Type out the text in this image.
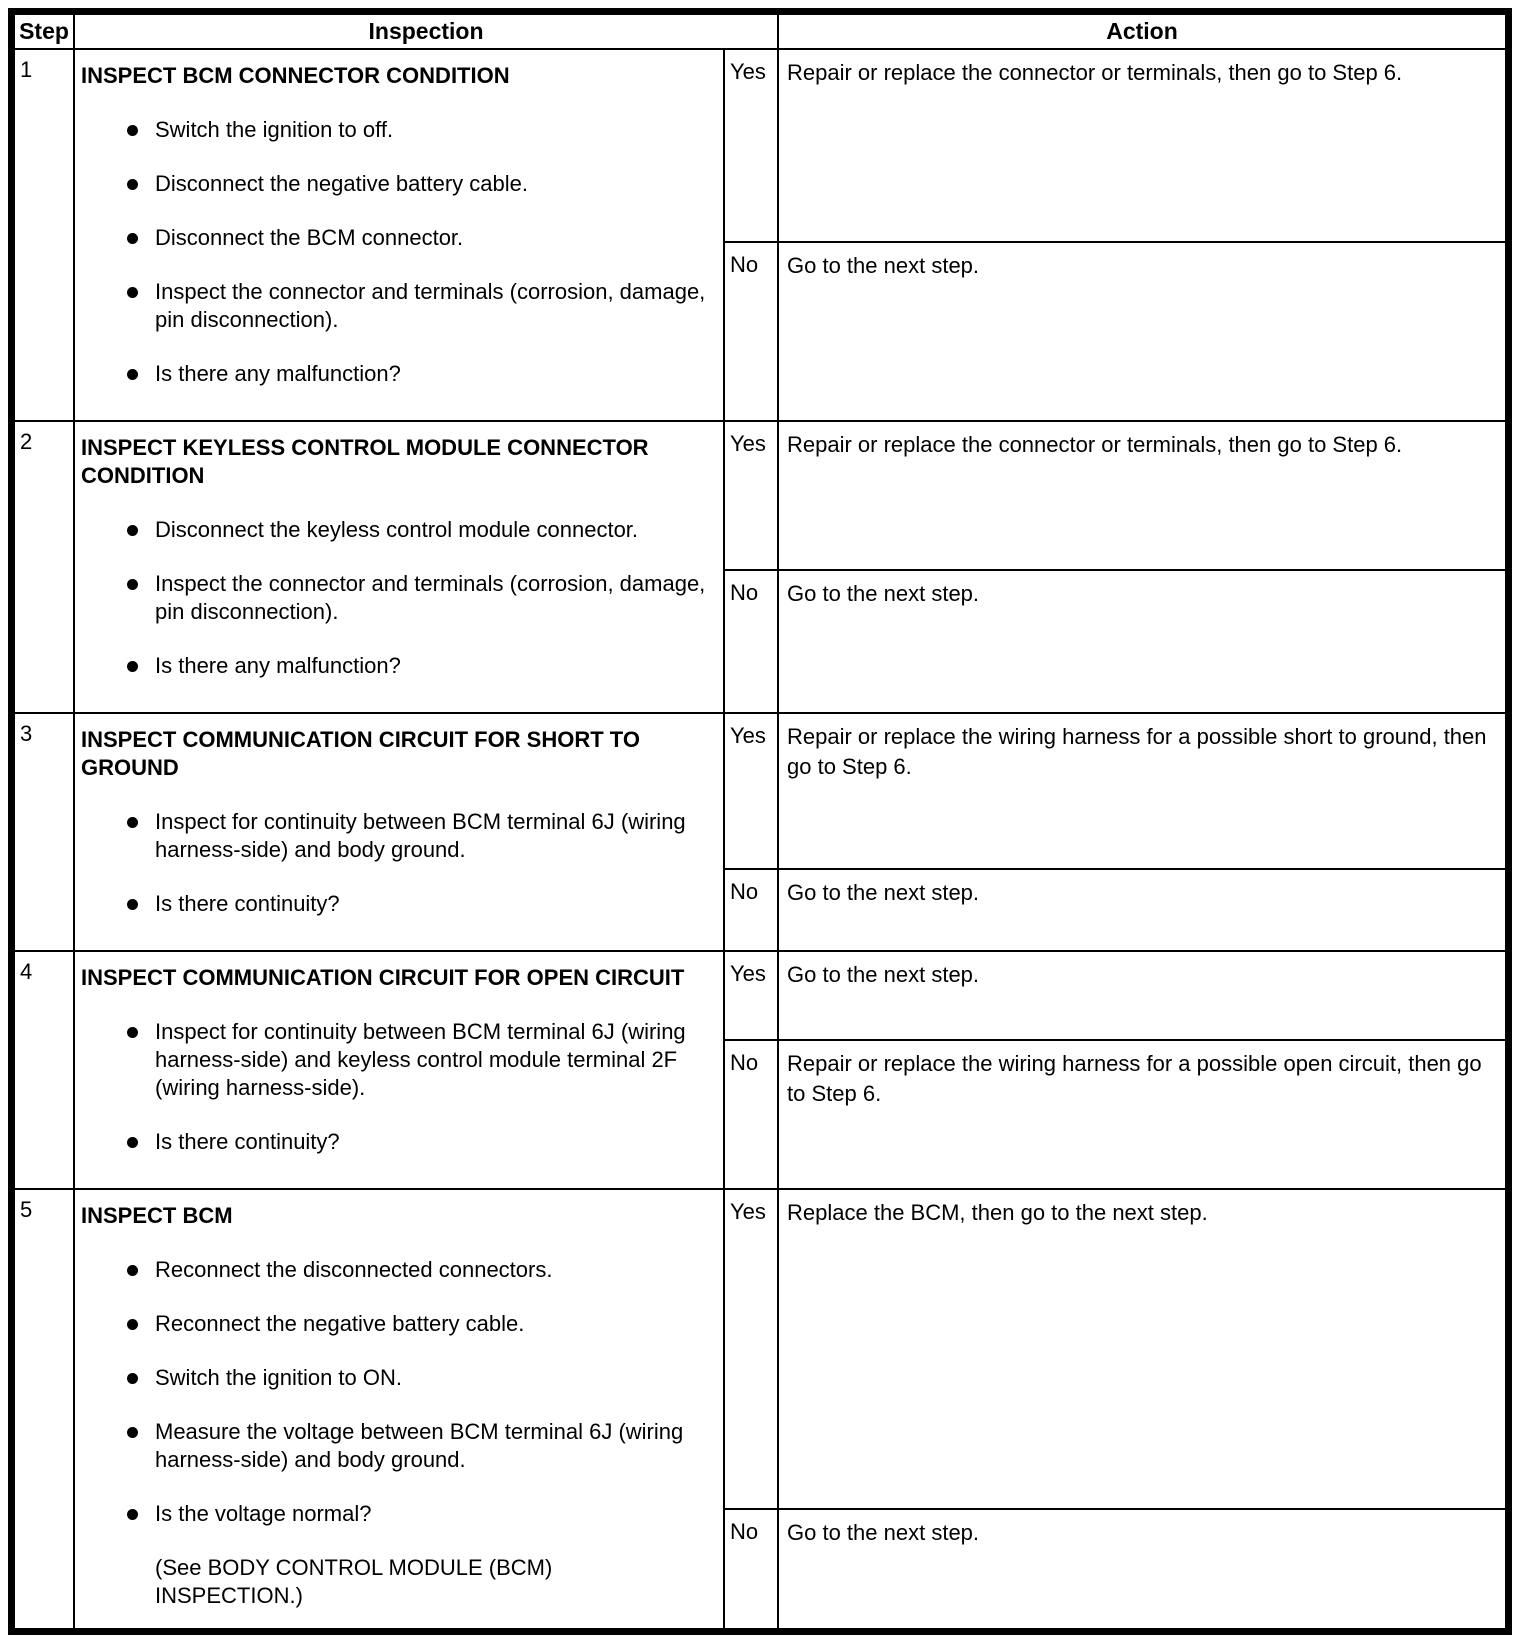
Step	Inspection		Action
1	INSPECT BCM CONNECTOR CONDITION
Switch the ignition to off.
Disconnect the negative battery cable.
Disconnect the BCM connector.
Inspect the connector and terminals (corrosion, damage, pin disconnection).
Is there any malfunction?
	Yes	Repair or replace the connector or terminals, then go to Step 6.
		No	Go to the next step.
2	INSPECT KEYLESS CONTROL MODULE CONNECTOR CONDITION
Disconnect the keyless control module connector.
Inspect the connector and terminals (corrosion, damage, pin disconnection).
Is there any malfunction?	Yes	Repair or replace the connector or terminals, then go to Step 6.
		No	Go to the next step.
3	INSPECT COMMUNICATION CIRCUIT FOR SHORT TO GROUND
Inspect for continuity between BCM terminal 6J (wiring harness-side) and body ground.
Is there continuity?	Yes	Repair or replace the wiring harness for a possible short to ground, then go to Step 6.
		No	Go to the next step.
4	INSPECT COMMUNICATION CIRCUIT FOR OPEN CIRCUIT
Inspect for continuity between BCM terminal 6J (wiring harness-side) and keyless control module terminal 2F (wiring harness-side).
Is there continuity?	Yes	Go to the next step.
		No	Repair or replace the wiring harness for a possible open circuit, then go to Step 6.
5	INSPECT BCM
Reconnect the disconnected connectors.
Reconnect the negative battery cable.
Switch the ignition to ON.
Measure the voltage between BCM terminal 6J (wiring harness-side) and body ground.
Is the voltage normal?
(See BODY CONTROL MODULE (BCM) INSPECTION.)
	Yes	Replace the BCM, then go to the next step.
		No	Go to the next step.
